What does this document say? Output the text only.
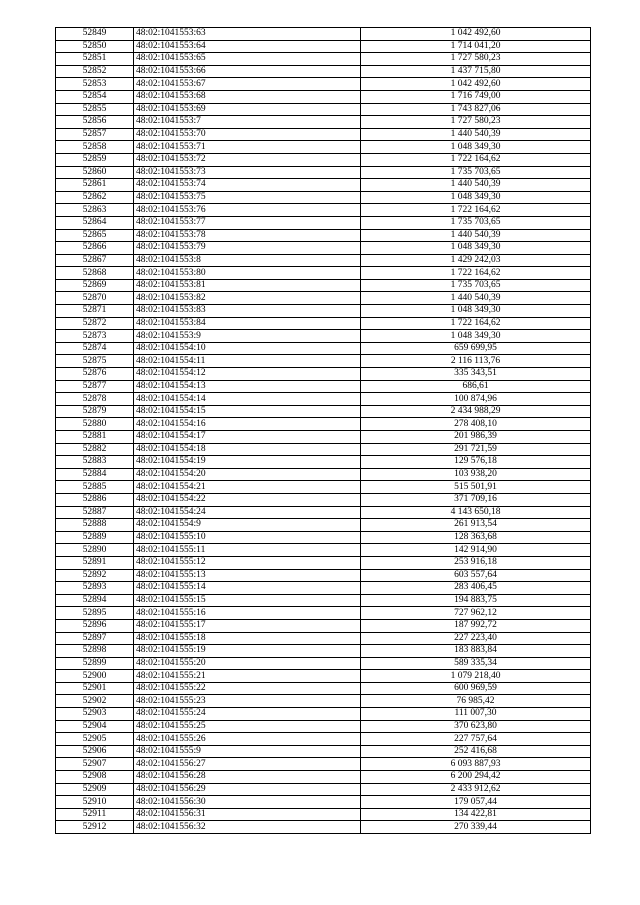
52849	48:02:1041553:63	1 042 492,60
52850	48:02:1041553:64	1 714 041,20
52851	48:02:1041553:65	1 727 580,23
52852	48:02:1041553:66	1 437 715,80
52853	48:02:1041553:67	1 042 492,60
52854	48:02:1041553:68	1 716 749,00
52855	48:02:1041553:69	1 743 827,06
52856	48:02:1041553:7	1 727 580,23
52857	48:02:1041553:70	1 440 540,39
52858	48:02:1041553:71	1 048 349,30
52859	48:02:1041553:72	1 722 164,62
52860	48:02:1041553:73	1 735 703,65
52861	48:02:1041553:74	1 440 540,39
52862	48:02:1041553:75	1 048 349,30
52863	48:02:1041553:76	1 722 164,62
52864	48:02:1041553:77	1 735 703,65
52865	48:02:1041553:78	1 440 540,39
52866	48:02:1041553:79	1 048 349,30
52867	48:02:1041553:8	1 429 242,03
52868	48:02:1041553:80	1 722 164,62
52869	48:02:1041553:81	1 735 703,65
52870	48:02:1041553:82	1 440 540,39
52871	48:02:1041553:83	1 048 349,30
52872	48:02:1041553:84	1 722 164,62
52873	48:02:1041553:9	1 048 349,30
52874	48:02:1041554:10	659 699,95
52875	48:02:1041554:11	2 116 113,76
52876	48:02:1041554:12	335 343,51
52877	48:02:1041554:13	686,61
52878	48:02:1041554:14	100 874,96
52879	48:02:1041554:15	2 434 988,29
52880	48:02:1041554:16	278 408,10
52881	48:02:1041554:17	201 986,39
52882	48:02:1041554:18	291 721,59
52883	48:02:1041554:19	129 576,18
52884	48:02:1041554:20	103 938,20
52885	48:02:1041554:21	515 501,91
52886	48:02:1041554:22	371 709,16
52887	48:02:1041554:24	4 143 650,18
52888	48:02:1041554:9	261 913,54
52889	48:02:1041555:10	128 363,68
52890	48:02:1041555:11	142 914,90
52891	48:02:1041555:12	253 916,18
52892	48:02:1041555:13	603 557,64
52893	48:02:1041555:14	283 406,45
52894	48:02:1041555:15	194 883,75
52895	48:02:1041555:16	727 962,12
52896	48:02:1041555:17	187 992,72
52897	48:02:1041555:18	227 223,40
52898	48:02:1041555:19	183 883,84
52899	48:02:1041555:20	589 335,34
52900	48:02:1041555:21	1 079 218,40
52901	48:02:1041555:22	600 969,59
52902	48:02:1041555:23	76 985,42
52903	48:02:1041555:24	111 007,30
52904	48:02:1041555:25	370 623,80
52905	48:02:1041555:26	227 757,64
52906	48:02:1041555:9	252 416,68
52907	48:02:1041556:27	6 093 887,93
52908	48:02:1041556:28	6 200 294,42
52909	48:02:1041556:29	2 433 912,62
52910	48:02:1041556:30	179 057,44
52911	48:02:1041556:31	134 422,81
52912	48:02:1041556:32	270 339,44
